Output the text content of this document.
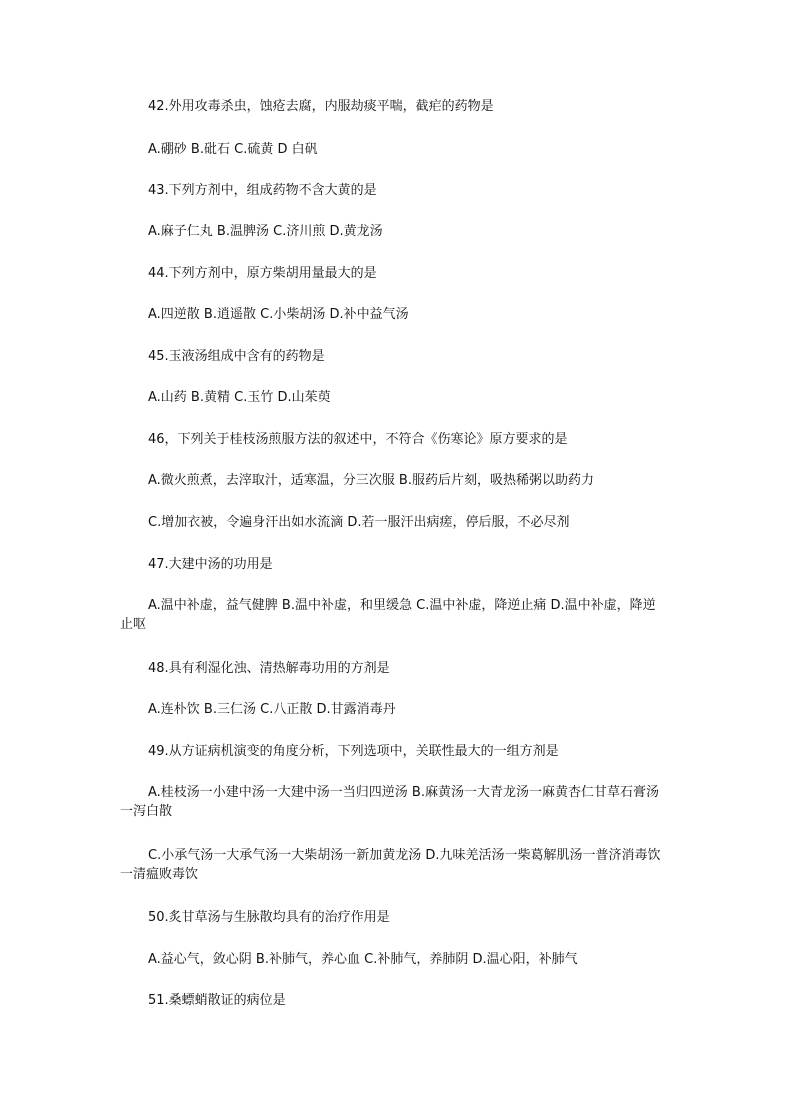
42.外用攻毒杀虫，蚀疮去腐，内服劫痰平喘，截疟的药物是

A.硼砂 B.砒石 C.硫黄 D 白矾

43.下列方剂中，组成药物不含大黄的是

A.麻子仁丸 B.温脾汤 C.济川煎 D.黄龙汤

44.下列方剂中，原方柴胡用量最大的是

A.四逆散 B.逍遥散 C.小柴胡汤 D.补中益气汤

45.玉液汤组成中含有的药物是

A.山药 B.黄精 C.玉竹 D.山茱萸

46，下列关于桂枝汤煎服方法的叙述中，不符合《伤寒论》原方要求的是

A.微火煎煮，去滓取汁，适寒温，分三次服 B.服药后片刻，吸热稀粥以助药力

C.增加衣被，令遍身汗出如水流滴 D.若一服汗出病瘥，停后服，不必尽剂

47.大建中汤的功用是

A.温中补虚，益气健脾 B.温中补虚，和里缓急 C.温中补虚，降逆止痛 D.温中补虚，降逆止呕

48.具有利湿化浊、清热解毒功用的方剂是

A.连朴饮 B.三仁汤 C.八正散 D.甘露消毒丹

49.从方证病机演变的角度分析，下列选项中，关联性最大的一组方剂是

A.桂枝汤一小建中汤一大建中汤一当归四逆汤 B.麻黄汤一大青龙汤一麻黄杏仁甘草石膏汤一泻白散

C.小承气汤一大承气汤一大柴胡汤一新加黄龙汤 D.九味羌活汤一柴葛解肌汤一普济消毒饮一清瘟败毒饮

50.炙甘草汤与生脉散均具有的治疗作用是

A.益心气，敛心阴 B.补肺气，养心血 C.补肺气，养肺阴 D.温心阳，补肺气

51.桑螵蛸散证的病位是
